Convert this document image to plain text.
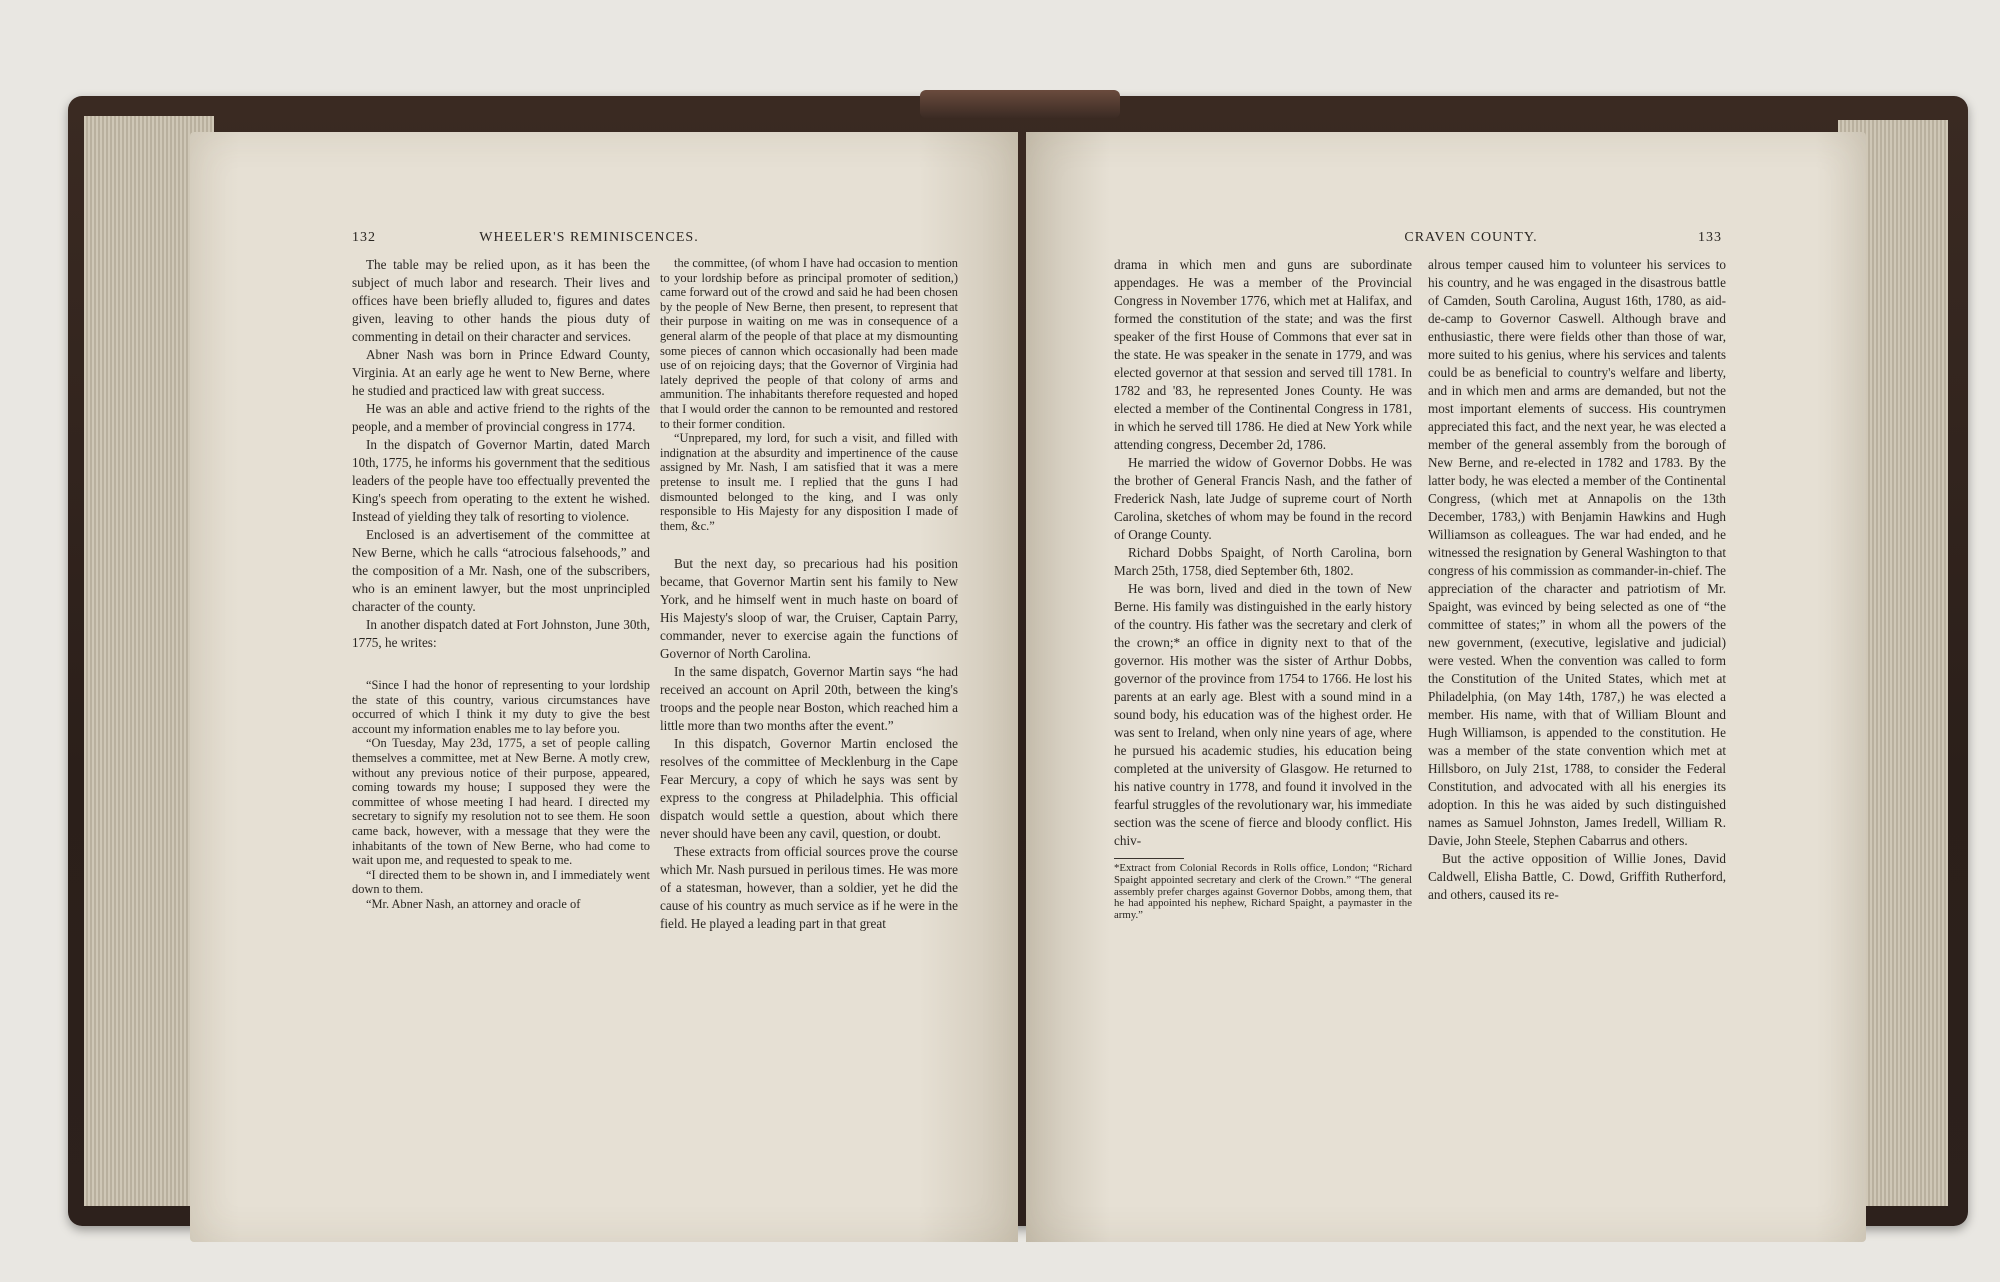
132	WHEELER'S REMINISCENCES.

The table may be relied upon, as it has been the subject of much labor and research. Their lives and offices have been briefly alluded to, figures and dates given, leaving to other hands the pious duty of commenting in detail on their character and services.

Abner Nash was born in Prince Edward County, Virginia. At an early age he went to New Berne, where he studied and practiced law with great success.

He was an able and active friend to the rights of the people, and a member of provincial congress in 1774.

In the dispatch of Governor Martin, dated March 10th, 1775, he informs his government that the seditious leaders of the people have too effectually prevented the King's speech from operating to the extent he wished. Instead of yielding they talk of resorting to violence.

Enclosed is an advertisement of the committee at New Berne, which he calls “atrocious falsehoods,” and the composition of a Mr. Nash, one of the subscribers, who is an eminent lawyer, but the most unprincipled character of the county.

In another dispatch dated at Fort Johnston, June 30th, 1775, he writes:

“Since I had the honor of representing to your lordship the state of this country, various circumstances have occurred of which I think it my duty to give the best account my information enables me to lay before you.

“On Tuesday, May 23d, 1775, a set of people calling themselves a committee, met at New Berne. A motly crew, without any previous notice of their purpose, appeared, coming towards my house; I supposed they were the committee of whose meeting I had heard. I directed my secretary to signify my resolution not to see them. He soon came back, however, with a message that they were the inhabitants of the town of New Berne, who had come to wait upon me, and requested to speak to me.

“I directed them to be shown in, and I immediately went down to them.

“Mr. Abner Nash, an attorney and oracle of

the committee, (of whom I have had occasion to mention to your lordship before as principal promoter of sedition,) came forward out of the crowd and said he had been chosen by the people of New Berne, then present, to represent that their purpose in waiting on me was in consequence of a general alarm of the people of that place at my dismounting some pieces of cannon which occasionally had been made use of on rejoicing days; that the Governor of Virginia had lately deprived the people of that colony of arms and ammunition. The inhabitants therefore requested and hoped that I would order the cannon to be remounted and restored to their former condition.

“Unprepared, my lord, for such a visit, and filled with indignation at the absurdity and impertinence of the cause assigned by Mr. Nash, I am satisfied that it was a mere pretense to insult me. I replied that the guns I had dismounted belonged to the king, and I was only responsible to His Majesty for any disposition I made of them, &c.”

But the next day, so precarious had his position became, that Governor Martin sent his family to New York, and he himself went in much haste on board of His Majesty's sloop of war, the Cruiser, Captain Parry, commander, never to exercise again the functions of Governor of North Carolina.

In the same dispatch, Governor Martin says “he had received an account on April 20th, between the king's troops and the people near Boston, which reached him a little more than two months after the event.”

In this dispatch, Governor Martin enclosed the resolves of the committee of Mecklenburg in the Cape Fear Mercury, a copy of which he says was sent by express to the congress at Philadelphia. This official dispatch would settle a question, about which there never should have been any cavil, question, or doubt.

These extracts from official sources prove the course which Mr. Nash pursued in perilous times. He was more of a statesman, however, than a soldier, yet he did the cause of his country as much service as if he were in the field. He played a leading part in that great

CRAVEN COUNTY.	133

drama in which men and guns are subordinate appendages. He was a member of the Provincial Congress in November 1776, which met at Halifax, and formed the constitution of the state; and was the first speaker of the first House of Commons that ever sat in the state. He was speaker in the senate in 1779, and was elected governor at that session and served till 1781. In 1782 and '83, he represented Jones County. He was elected a member of the Continental Congress in 1781, in which he served till 1786. He died at New York while attending congress, December 2d, 1786.

He married the widow of Governor Dobbs. He was the brother of General Francis Nash, and the father of Frederick Nash, late Judge of supreme court of North Carolina, sketches of whom may be found in the record of Orange County.

Richard Dobbs Spaight, of North Carolina, born March 25th, 1758, died September 6th, 1802.

He was born, lived and died in the town of New Berne. His family was distinguished in the early history of the country. His father was the secretary and clerk of the crown;* an office in dignity next to that of the governor. His mother was the sister of Arthur Dobbs, governor of the province from 1754 to 1766. He lost his parents at an early age. Blest with a sound mind in a sound body, his education was of the highest order. He was sent to Ireland, when only nine years of age, where he pursued his academic studies, his education being completed at the university of Glasgow. He returned to his native country in 1778, and found it involved in the fearful struggles of the revolutionary war, his immediate section was the scene of fierce and bloody conflict. His chiv-

*Extract from Colonial Records in Rolls office, London; “Richard Spaight appointed secretary and clerk of the Crown.” “The general assembly prefer charges against Governor Dobbs, among them, that he had appointed his nephew, Richard Spaight, a paymaster in the army.”

alrous temper caused him to volunteer his services to his country, and he was engaged in the disastrous battle of Camden, South Carolina, August 16th, 1780, as aid-de-camp to Governor Caswell. Although brave and enthusiastic, there were fields other than those of war, more suited to his genius, where his services and talents could be as beneficial to country's welfare and liberty, and in which men and arms are demanded, but not the most important elements of success. His countrymen appreciated this fact, and the next year, he was elected a member of the general assembly from the borough of New Berne, and re-elected in 1782 and 1783. By the latter body, he was elected a member of the Continental Congress, (which met at Annapolis on the 13th December, 1783,) with Benjamin Hawkins and Hugh Williamson as colleagues. The war had ended, and he witnessed the resignation by General Washington to that congress of his commission as commander-in-chief. The appreciation of the character and patriotism of Mr. Spaight, was evinced by being selected as one of “the committee of states;” in whom all the powers of the new government, (executive, legislative and judicial) were vested. When the convention was called to form the Constitution of the United States, which met at Philadelphia, (on May 14th, 1787,) he was elected a member. His name, with that of William Blount and Hugh Williamson, is appended to the constitution. He was a member of the state convention which met at Hillsboro, on July 21st, 1788, to consider the Federal Constitution, and advocated with all his energies its adoption. In this he was aided by such distinguished names as Samuel Johnston, James Iredell, William R. Davie, John Steele, Stephen Cabarrus and others.

But the active opposition of Willie Jones, David Caldwell, Elisha Battle, C. Dowd, Griffith Rutherford, and others, caused its re-
